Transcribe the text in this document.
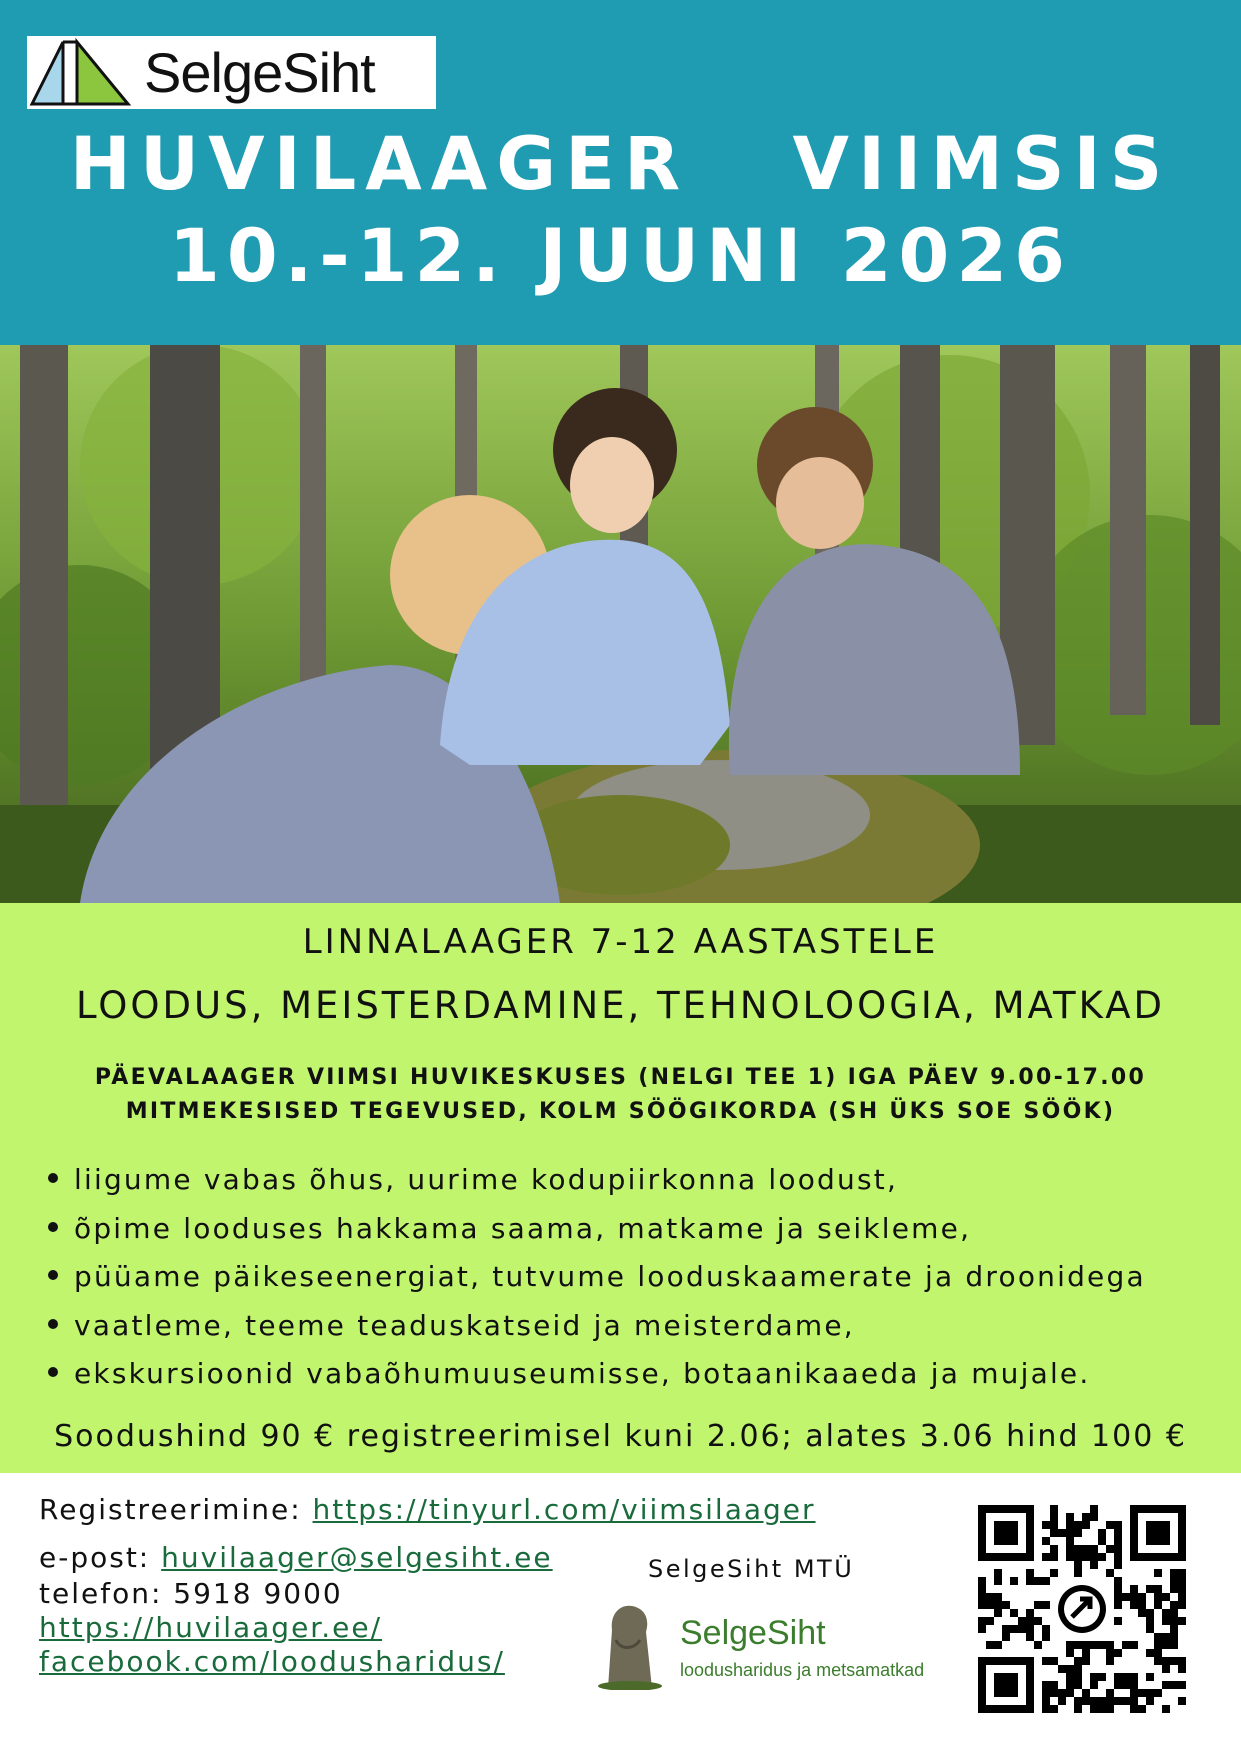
SelgeSiht
HUVILAAGER   VIIMSIS
10.-12. JUUNI 2026
LINNALAAGER 7-12 AASTASTELE
LOODUS, MEISTERDAMINE, TEHNOLOOGIA, MATKAD
PÄEVALAAGER VIIMSI HUVIKESKUSES (NELGI TEE 1) IGA PÄEV 9.00-17.00
MITMEKESISED TEGEVUSED, KOLM SÖÖGIKORDA (SH ÜKS SOE SÖÖK)
liigume vabas õhus, uurime kodupiirkonna loodust,
õpime looduses hakkama saama, matkame ja seikleme,
püüame päikeseenergiat, tutvume looduskaamerate ja droonidega
vaatleme, teeme teaduskatseid ja meisterdame,
ekskursioonid vabaõhumuuseumisse, botaanikaaeda ja mujale.
Soodushind 90 € registreerimisel kuni 2.06; alates 3.06 hind 100 €
Registreerimine: https://tinyurl.com/viimsilaager
e-post: huvilaager@selgesiht.ee
telefon: 5918 9000
https://huvilaager.ee/
facebook.com/loodusharidus/
SelgeSiht MTÜ
SelgeSiht
loodusharidus ja metsamatkad
